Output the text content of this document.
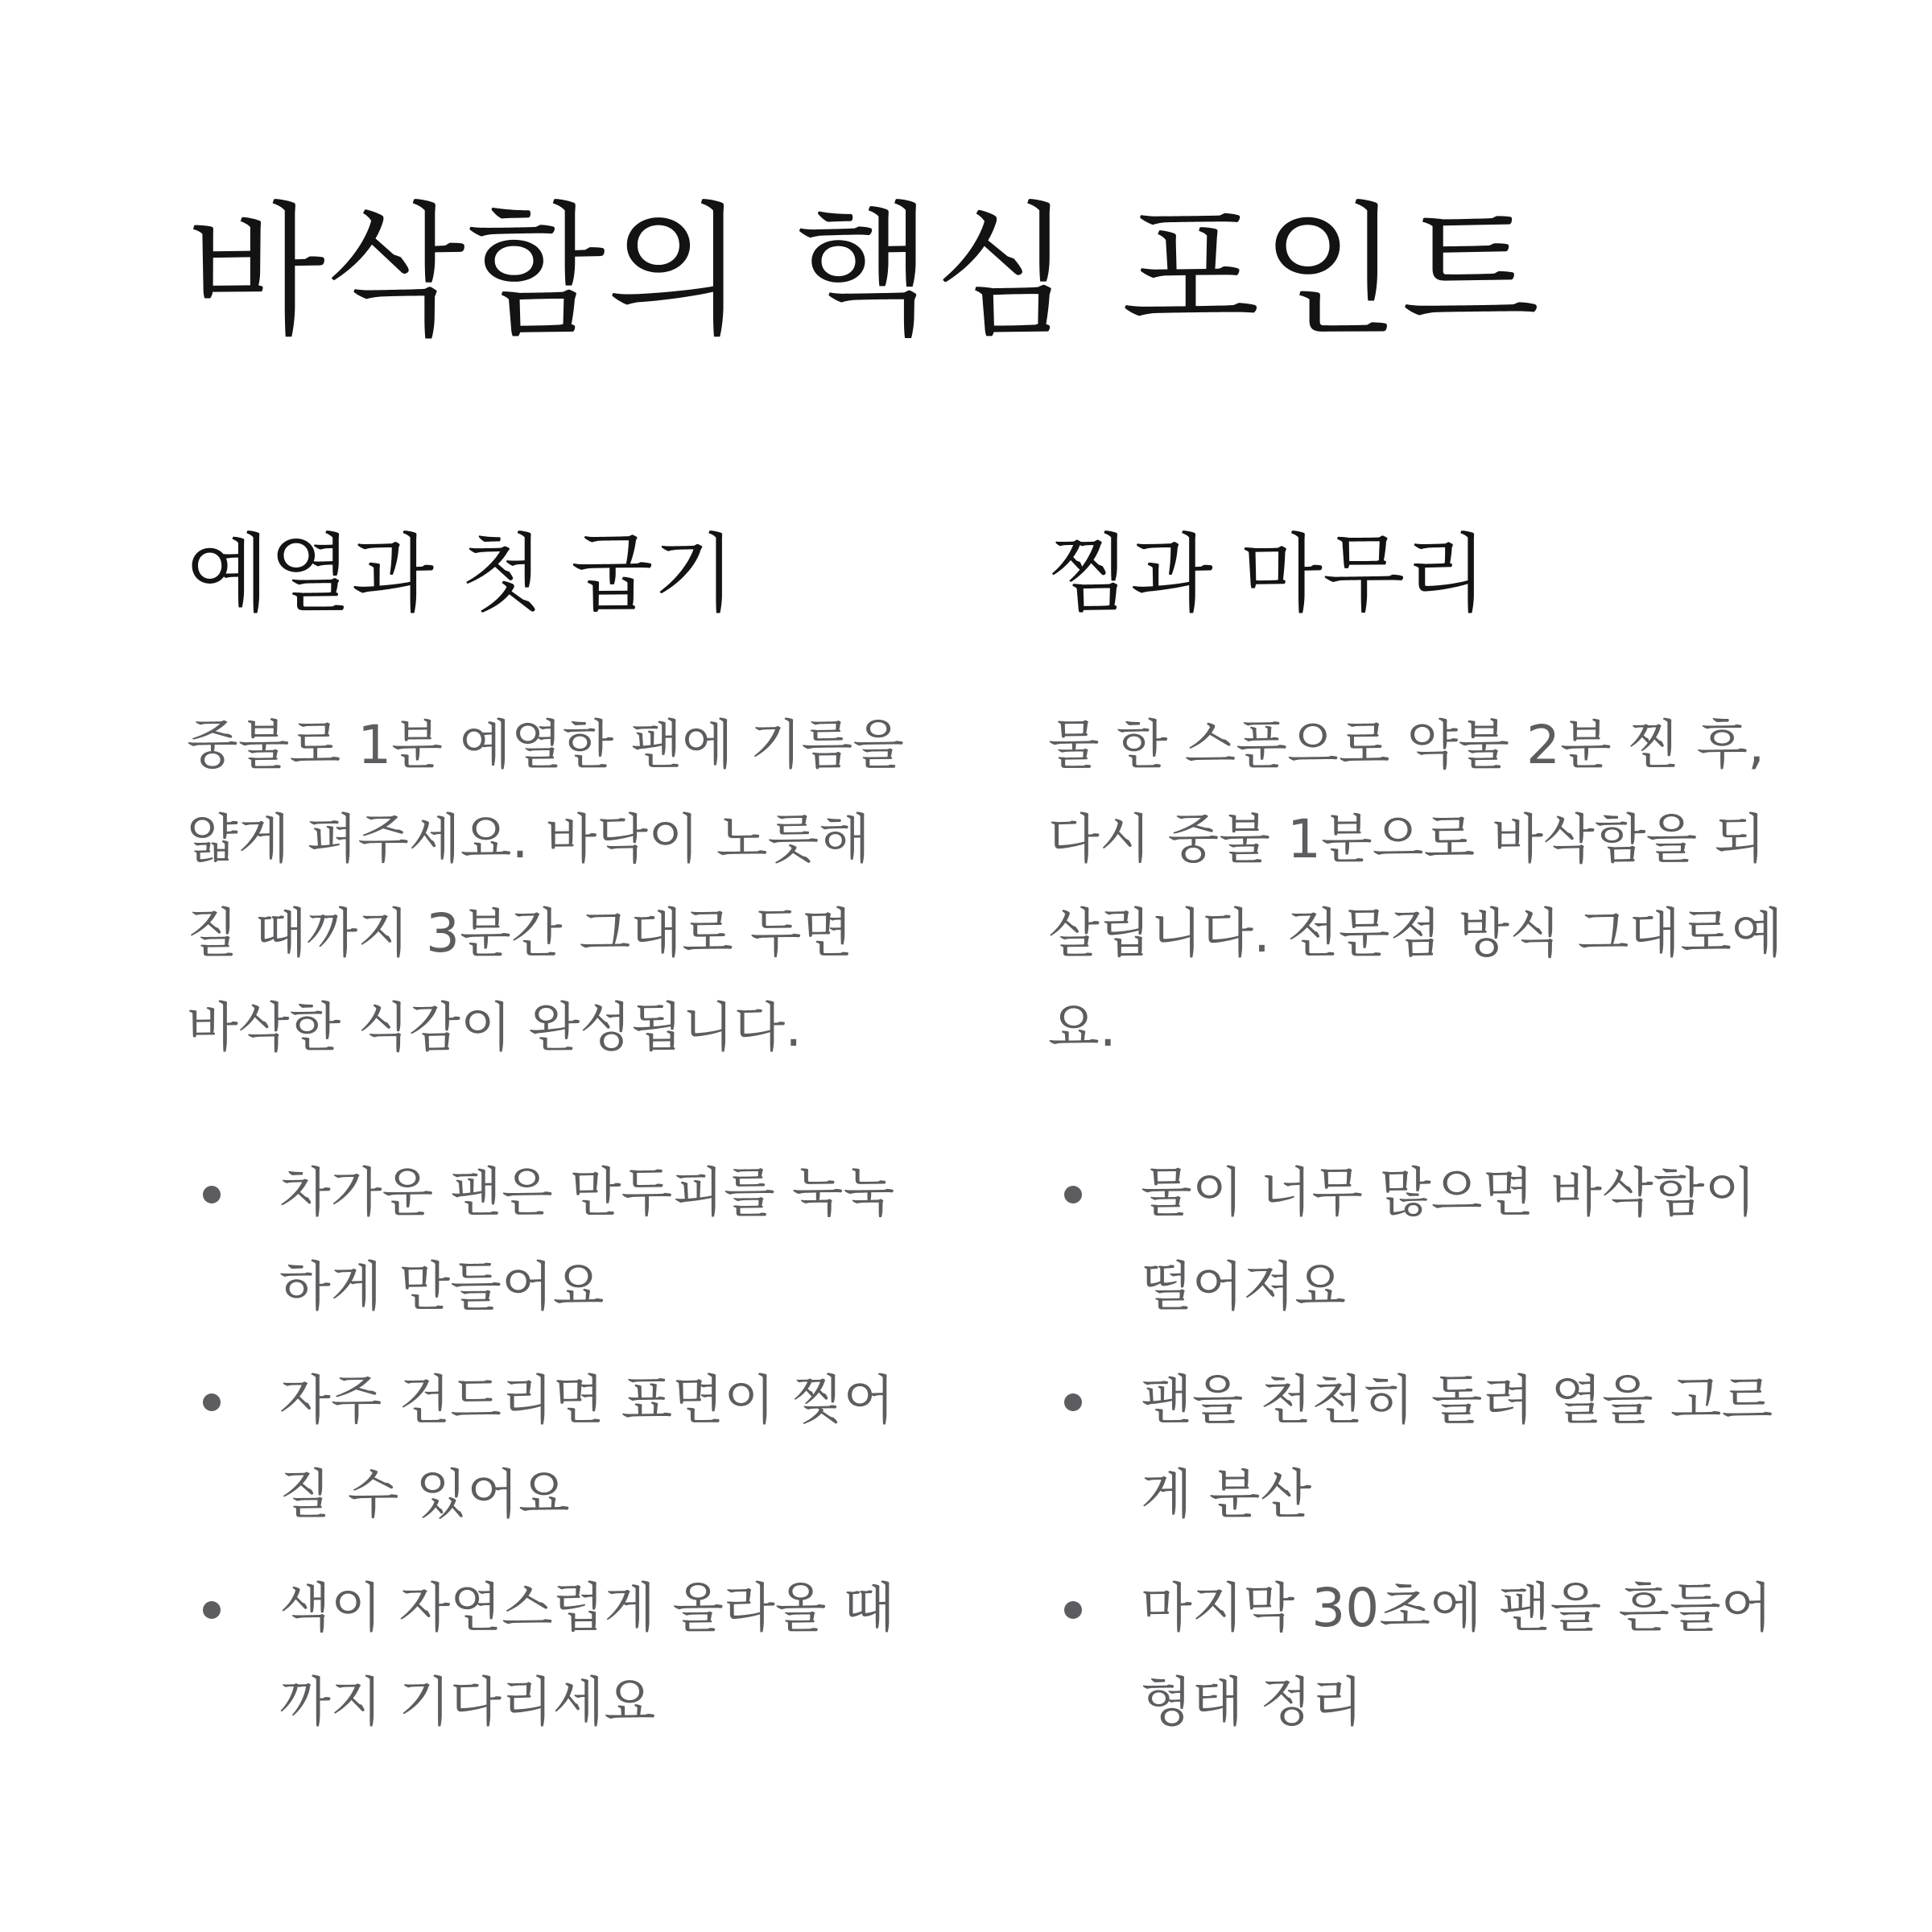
바삭함의 핵심 포인트
예열과 첫 굽기

중불로 1분 예열한 팬에 기름을 얇게 펴주세요. 바닥이 노릇해질 때까지 3분간 그대로 두면 바삭한 식감이 완성됩니다.

차가운 팬은 만두피를 눅눅하게 만들어요
자주 건드리면 표면이 찢어질 수 있어요
색이 자연스럽게 올라올 때까지 기다리세요
찜과 마무리

물 한 스푼으로 약불 2분 찐 후, 다시 중불 1분으로 바삭함을 되살립니다. 전문점 방식 그대로예요.

물이 너무 많으면 바삭함이 떨어져요
팬을 천천히 돌려 열을 고르게 분산
마지막 30초에 팬을 흔들어 형태 정리
